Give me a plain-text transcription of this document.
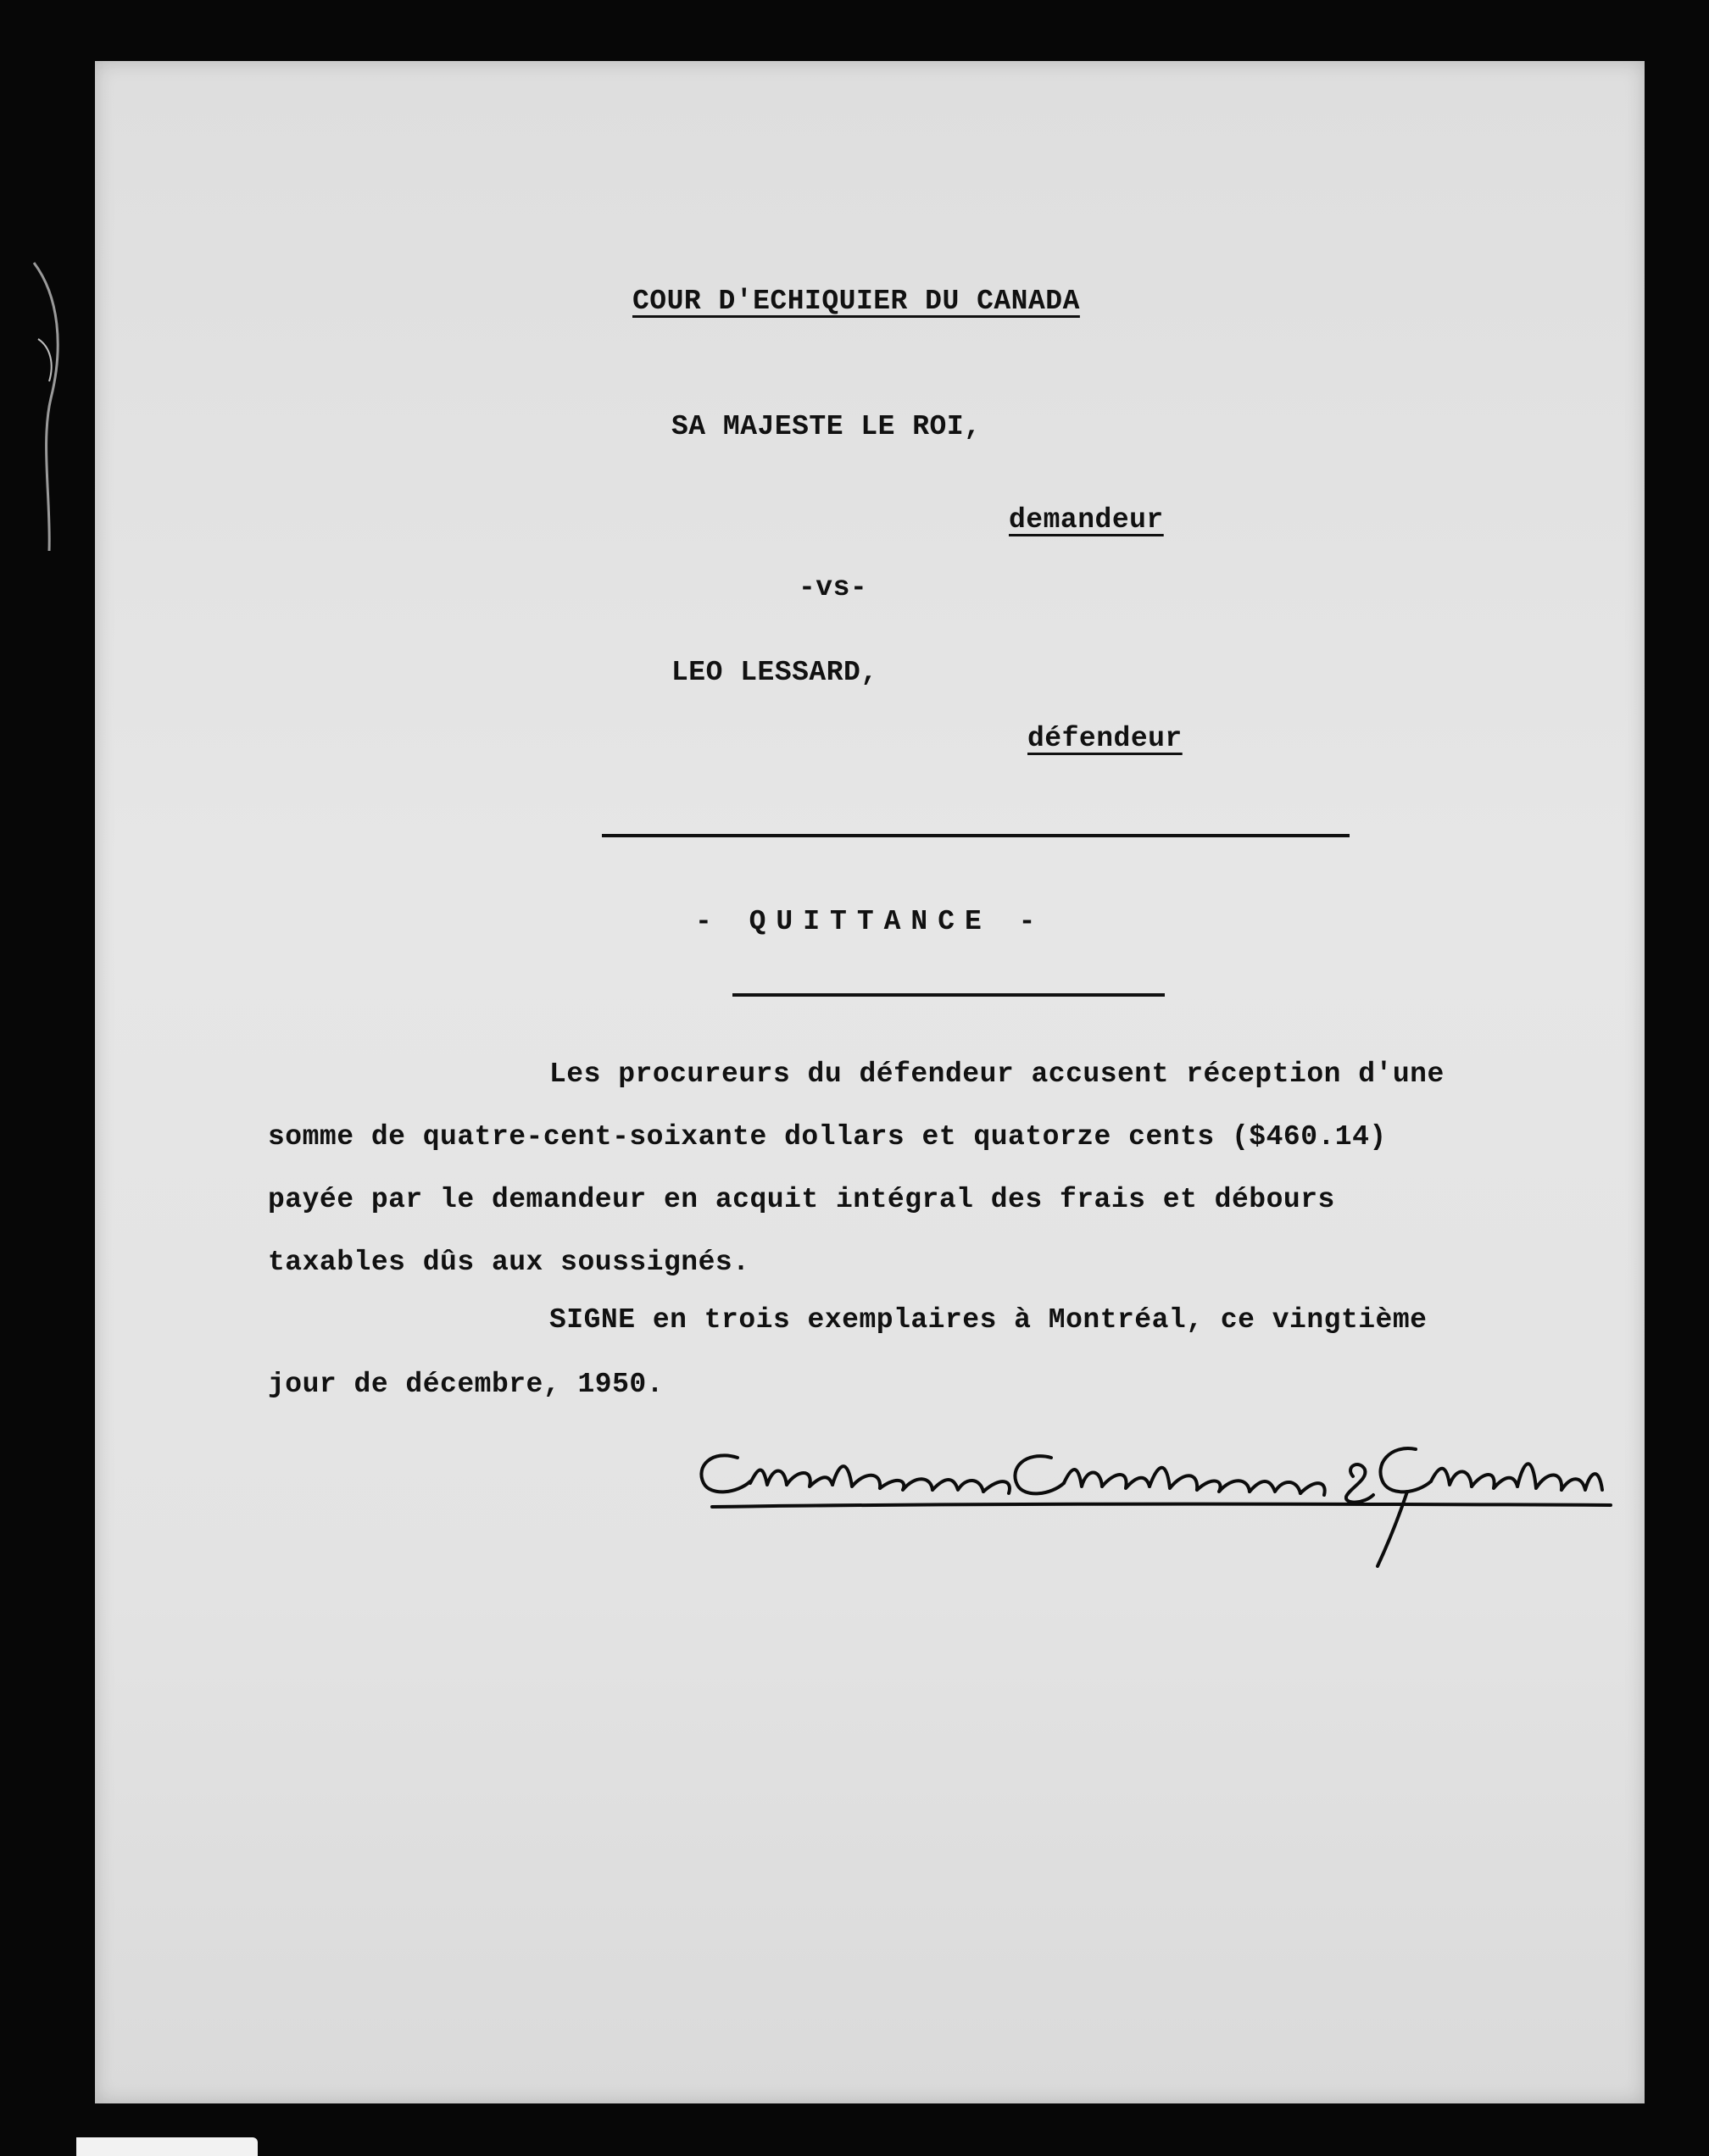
COUR D'ECHIQUIER DU CANADA
SA MAJESTE LE ROI,
demandeur
-vs-
LEO LESSARD,
défendeur
- QUITTANCE -
Les procureurs du défendeur accusent réception d'une
somme de quatre-cent-soixante dollars et quatorze cents ($460.14)
payée par le demandeur en acquit intégral des frais et débours
taxables dûs aux soussignés.
SIGNE en trois exemplaires à Montréal, ce vingtième
jour de décembre, 1950.
